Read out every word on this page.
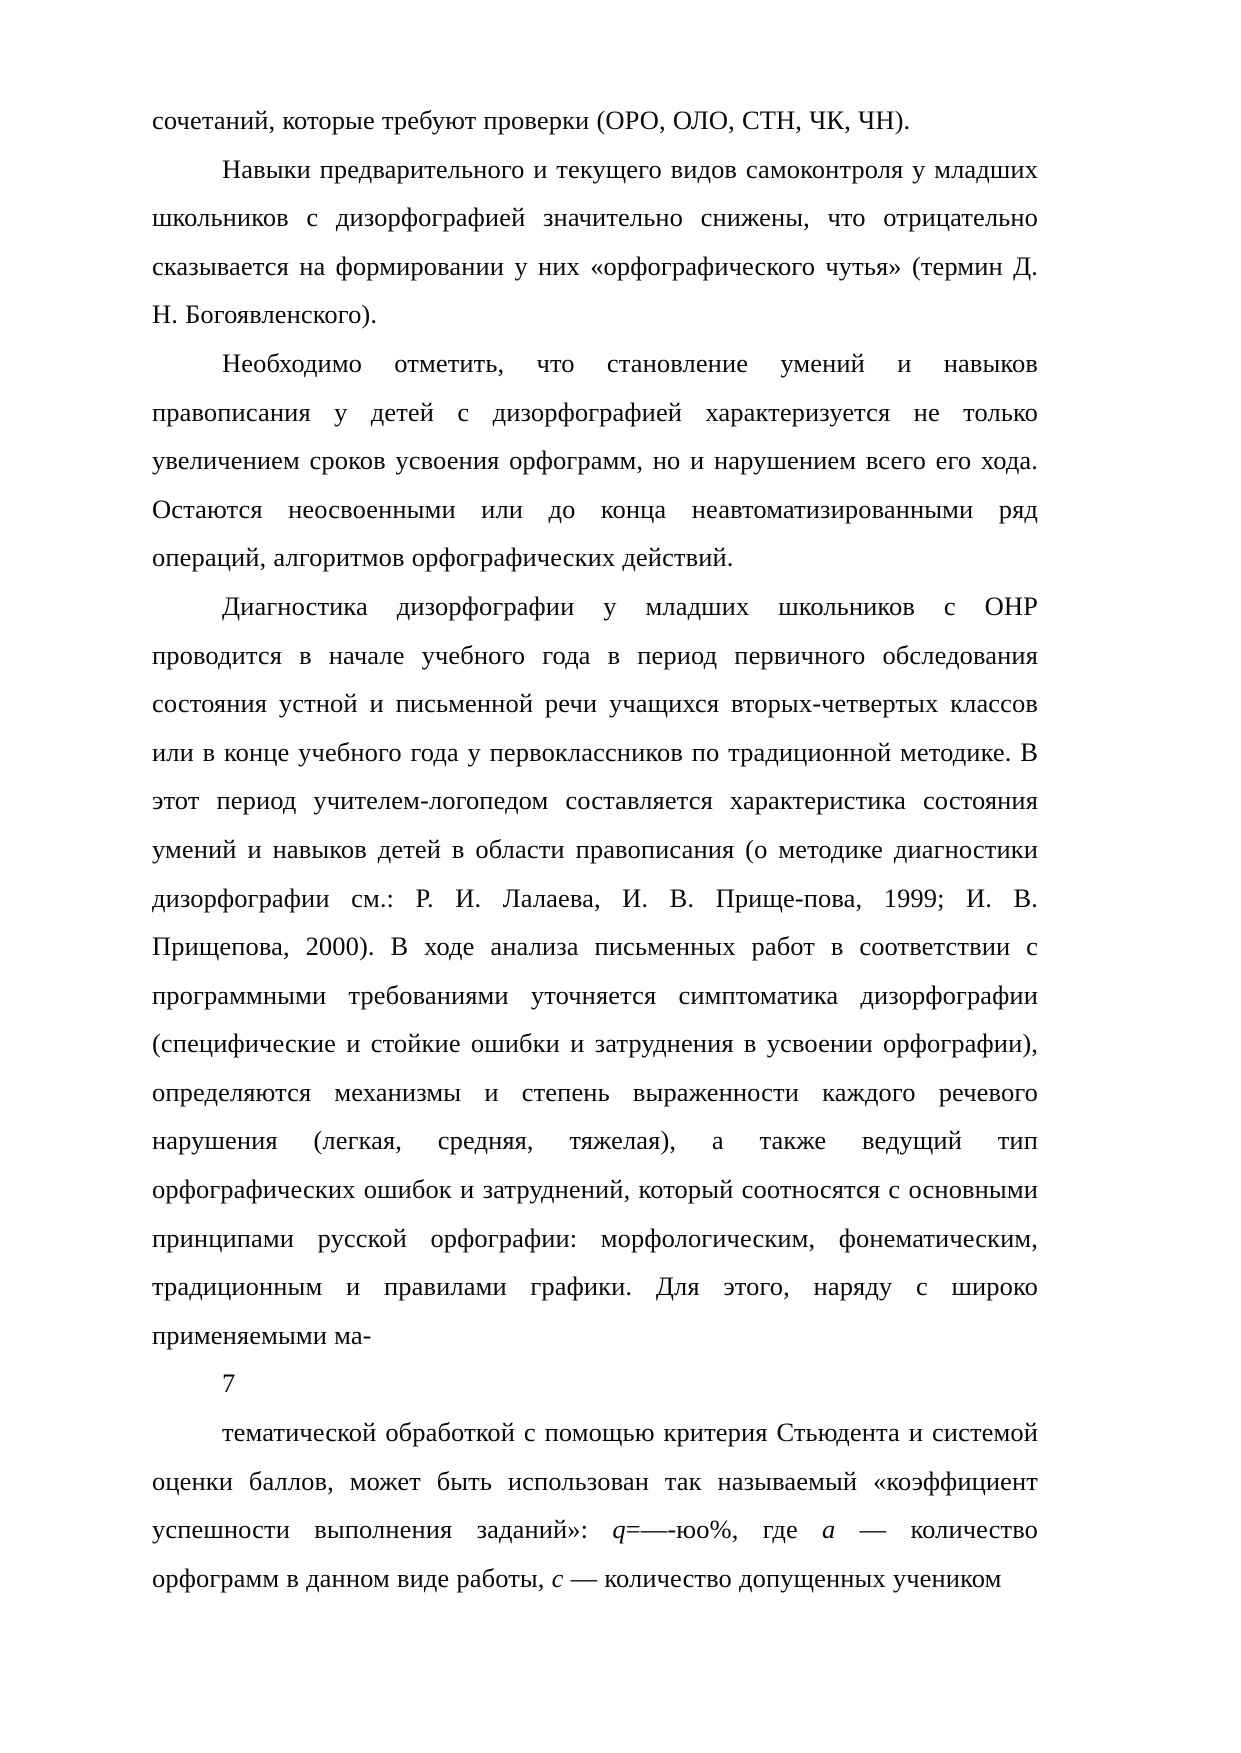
сочетаний, которые требуют проверки (ОРО, ОЛО, СТН, ЧК, ЧН).

Навыки предварительного и текущего видов самоконтроля у младших школьников с дизорфографией значительно снижены, что отрицательно сказывается на формировании у них «орфографического чутья» (термин Д. Н. Богоявленского).

Необходимо отметить, что становление умений и навыков правописания у детей с дизорфографией характеризуется не только увеличением сроков усвоения орфограмм, но и нарушением всего его хода. Остаются неосвоенными или до конца неавтоматизированными ряд операций, алгоритмов орфографических действий.

Диагностика дизорфографии у младших школьников с ОНР проводится в начале учебного года в период первичного обследования состояния устной и письменной речи учащихся вторых-четвертых классов или в конце учебного года у первоклассников по традиционной методике. В этот период учителем-логопедом составляется характеристика состояния умений и навыков детей в области правописания (о методике диагностики дизорфографии см.: Р. И. Лалаева, И. В. Прище-пова, 1999; И. В. Прищепова, 2000). В ходе анализа письменных работ в соответствии с программными требованиями уточняется симптоматика дизорфографии (специфические и стойкие ошибки и затруднения в усвоении орфографии), определяются механизмы и степень выраженности каждого речевого нарушения (легкая, средняя, тяжелая), а также ведущий тип орфографических ошибок и затруднений, который соотносятся с основными принципами русской орфографии: морфологическим, фонематическим, традиционным и правилами графики. Для этого, наряду с широко применяемыми ма-

7

тематической обработкой с помощью критерия Стьюдента и системой оценки баллов, может быть использован так называемый «коэффициент успешности выполнения заданий»: q=—-юо%, где a — количество орфограмм в данном виде работы, c — количество допущенных учеником
